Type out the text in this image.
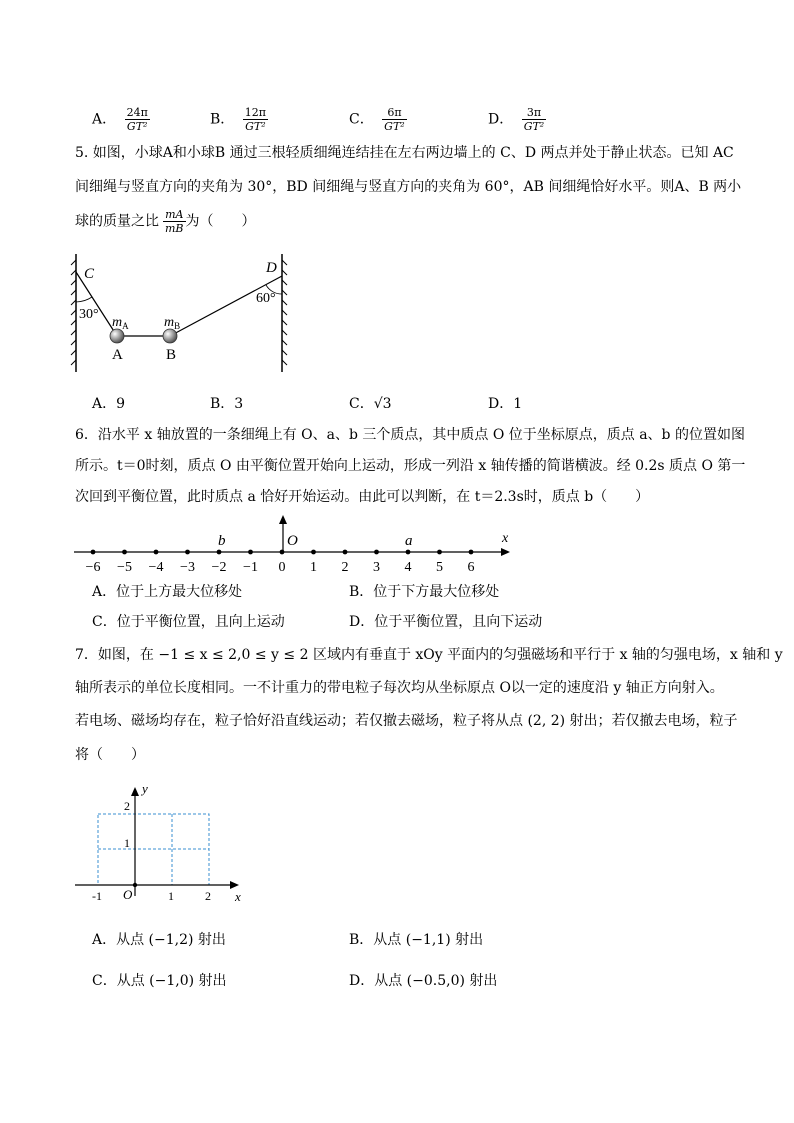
A． $\frac{24\pi}{\text{GT²}}$	B． $\frac{12\pi}{\text{GT²}}$	C． $\frac{6\pi}{\text{GT²}}$	D． $\frac{3\pi}{\text{GT²}}$
5. 如图，小球A和小球B 通过三根轻质细绳连结挂在左右两边墙上的 C、D 两点并处于静止状态。已知 AC
间细绳与竖直方向的夹角为 30°，BD 间细绳与竖直方向的夹角为 60°，AB 间细绳恰好水平。则A、B 两小
球的质量之比 $\frac{mA}{mB}$ 为（　　）
C	D
30°
60°
$m_A$	$m_B$
A	B
A．9	B．3	C．√3	D．1
6．沿水平 x 轴放置的一条细绳上有 O、a、b 三个质点，其中质点 O 位于坐标原点，质点 a、b 的位置如图
所示。t＝0时刻，质点 O 由平衡位置开始向上运动，形成一列沿 x 轴传播的简谐横波。经 0.2s 质点 O 第一
次回到平衡位置，此时质点 a 恰好开始运动。由此可以判断，在 t＝2.3s时，质点 b（　　）
−6 −5 −4 −3 −2 −1 0 1 2 3 4 5 6
b	O	a	x
A．位于上方最大位移处	B．位于下方最大位移处
C．位于平衡位置，且向上运动	D．位于平衡位置，且向下运动
7．如图，在 −1 ≤ x ≤ 2,0 ≤ y ≤ 2 区域内有垂直于 xOy 平面内的匀强磁场和平行于 x 轴的匀强电场，x 轴和 y
轴所表示的单位长度相同。一不计重力的带电粒子每次均从坐标原点 O以一定的速度沿 y 轴正方向射入。
若电场、磁场均存在，粒子恰好沿直线运动；若仅撤去磁场，粒子将从点 (2, 2) 射出；若仅撤去电场，粒子
将（　　）
y
x
O
2
1
-1	1	2
A．从点 (−1,2) 射出	B．从点 (−1,1) 射出
C．从点 (−1,0) 射出	D．从点 (−0.5,0) 射出
